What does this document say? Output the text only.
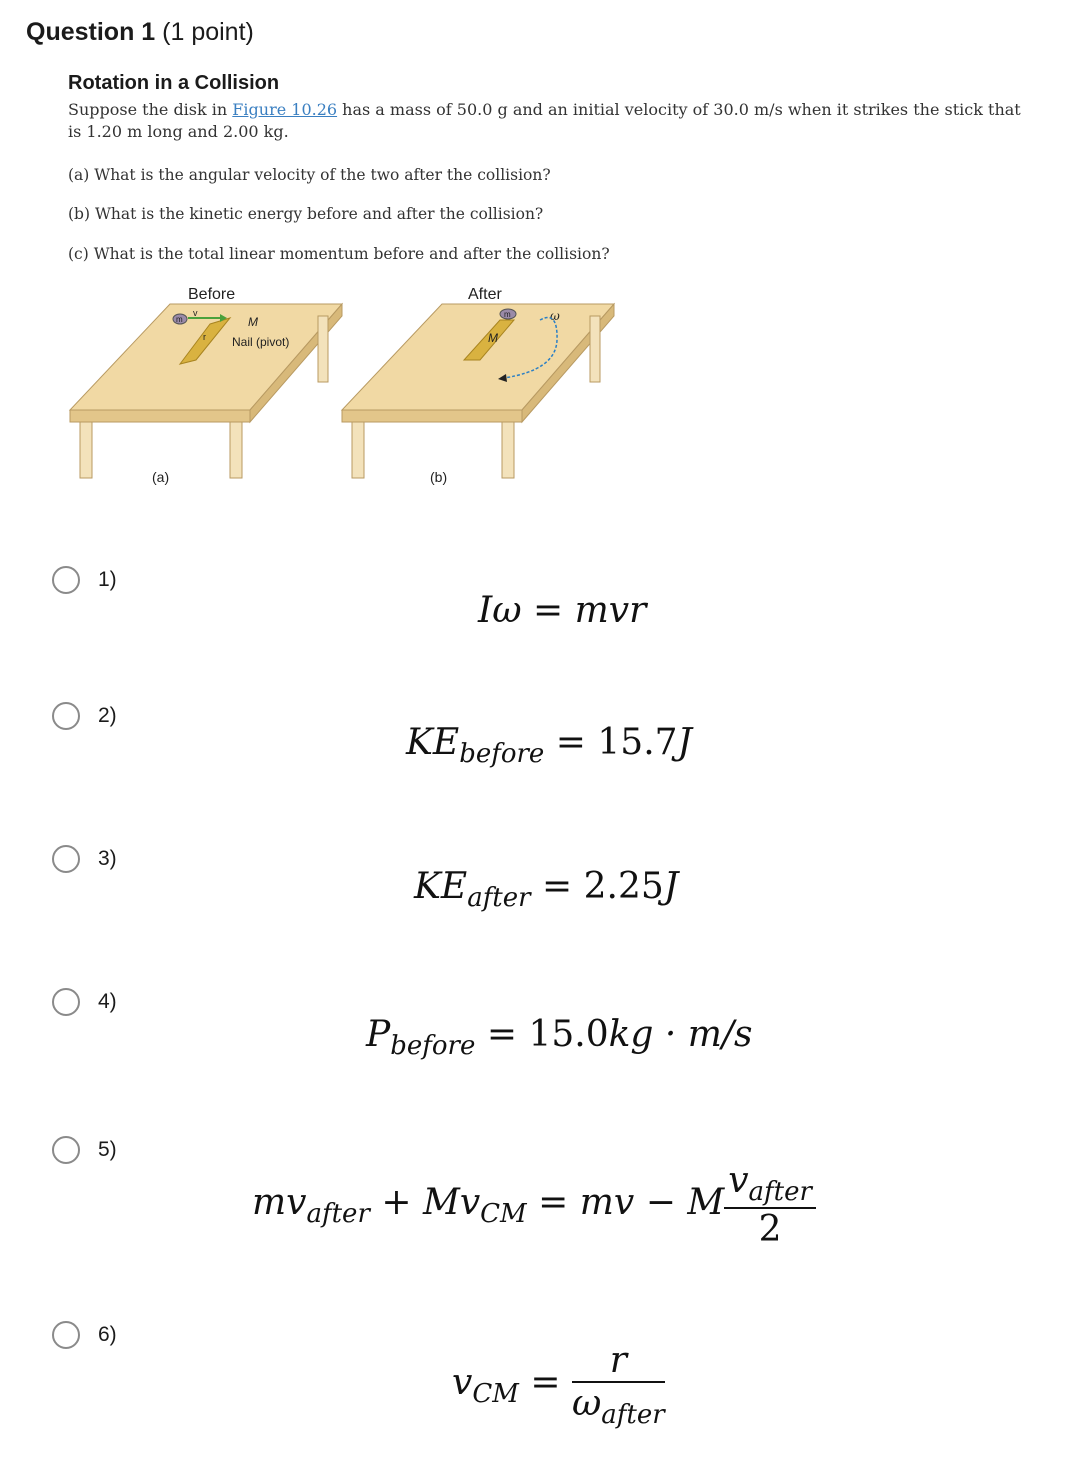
Question 1 (1 point)
Rotation in a Collision
Suppose the disk in Figure 10.26 has a mass of 50.0 g and an initial velocity of 30.0 m/s when it strikes the stick that is 1.20 m long and 2.00 kg.
(a) What is the angular velocity of the two after the collision?
(b) What is the kinetic energy before and after the collision?
(c) What is the total linear momentum before and after the collision?
Before	After
m
v
M
r Nail (pivot)
(a)
m
M
ω
(b)
1)
Iω = mvr
2)
$KE_{before} = 15.7J$
3)
$KE_{after} = 2.25J$
4)
$P_{before} = 15.0kg \cdot m/s$
5)
$mv_{after} + Mv_{CM}$ = mv − M $\frac{v_{after}}{2}$
6)
$v_{CM} = \frac{r}{\omega_{after}}$
